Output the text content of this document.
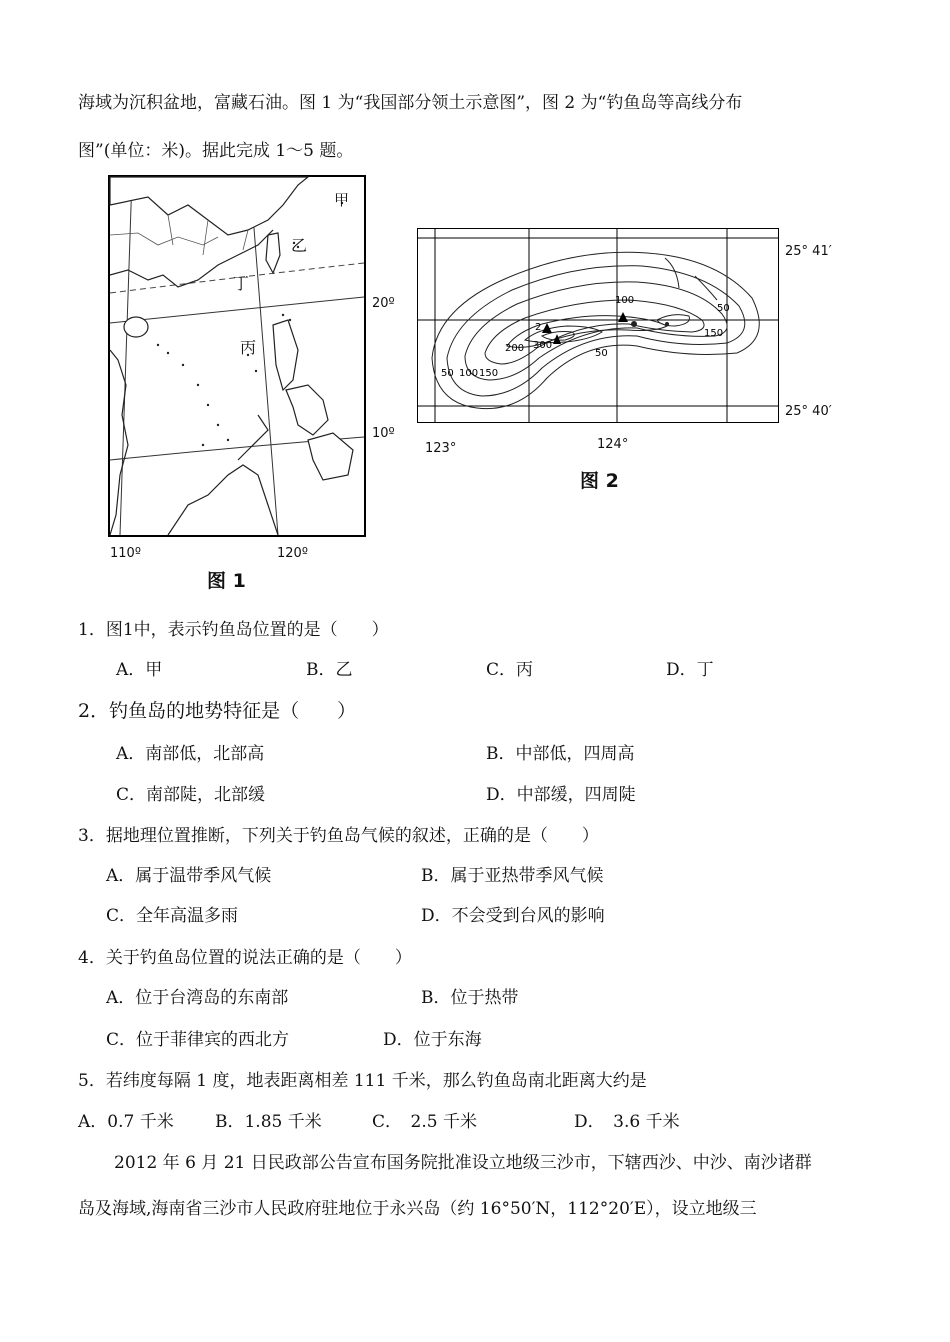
海域为沉积盆地，富藏石油。图 1 为“我国部分领土示意图”，图 2 为“钓鱼岛等高线分布
图”(单位：米)。据此完成 1～5 题。
甲
乙
丁
丙
20º
10º
110º	120º
图 1
50 100 150
200 300
2
100
50
150
50
25° 41′
25° 40′
123°	124°
图 2
1．图1中，表示钓鱼岛位置的是（　　）
A．甲	B．乙	C．丙	D．丁
2．钓鱼岛的地势特征是（　　）
A．南部低，北部高	B．中部低，四周高
C．南部陡，北部缓	D．中部缓，四周陡
3．据地理位置推断，下列关于钓鱼岛气候的叙述，正确的是（　　）
A．属于温带季风气候	B．属于亚热带季风气候
C．全年高温多雨	D．不会受到台风的影响
4．关于钓鱼岛位置的说法正确的是（　　）
A．位于台湾岛的东南部	B．位于热带
C．位于菲律宾的西北方	D．位于东海
5．若纬度每隔 1 度，地表距离相差 111 千米，那么钓鱼岛南北距离大约是
A．0.7 千米 B．1.85 千米	C．　2.5 千米	D．　3.6 千米
2012 年 6 月 21 日民政部公告宣布国务院批准设立地级三沙市，下辖西沙、中沙、南沙诸群
岛及海域,海南省三沙市人民政府驻地位于永兴岛（约 16°50′N，112°20′E），设立地级三
